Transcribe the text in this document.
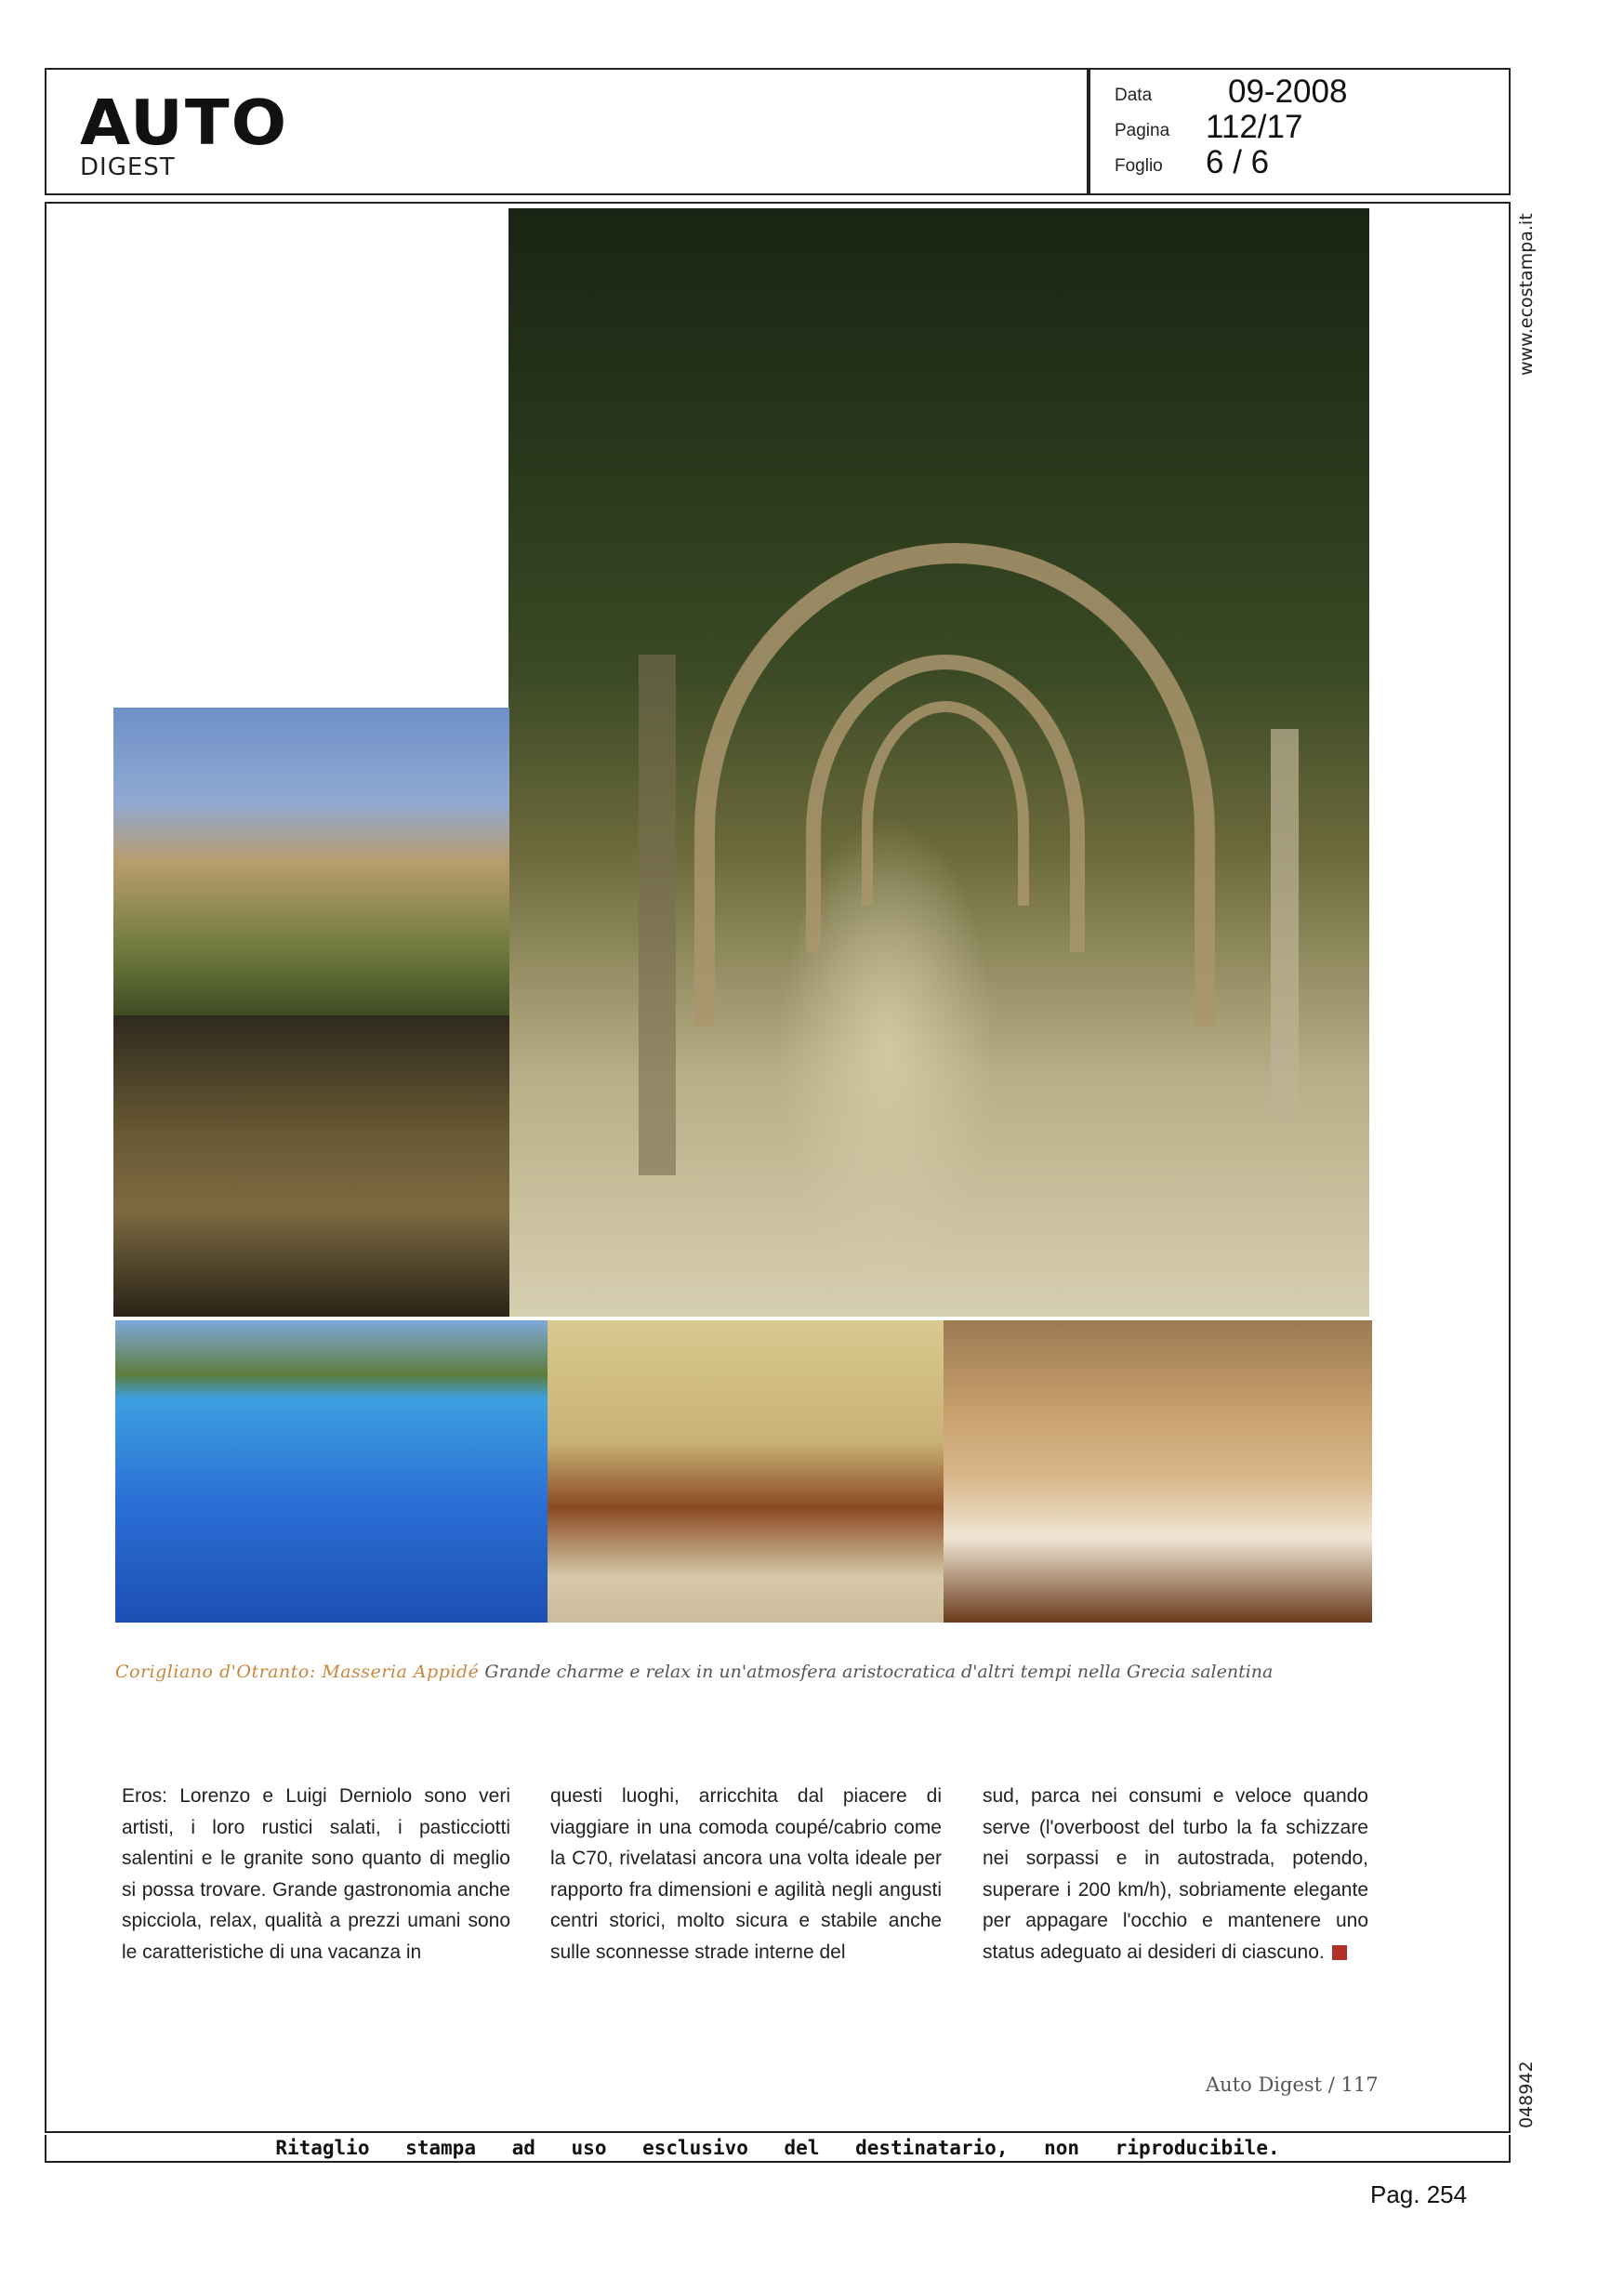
AUTO
DIGEST
Data 09-2008
Pagina 112/17
Foglio 6 / 6
www.ecostampa.it
048942
Corigliano d'Otranto: Masseria Appidé Grande charme e relax in un'atmosfera aristocratica d'altri tempi nella Grecia salentina
Eros: Lorenzo e Luigi Derniolo sono veri artisti, i loro rustici salati, i pasticciotti salentini e le granite sono quanto di meglio si possa trovare. Grande gastronomia anche spicciola, relax, qualità a prezzi umani sono le caratteristiche di una vacanza in
questi luoghi, arricchita dal piacere di viaggiare in una comoda coupé/cabrio come la C70, rivelatasi ancora una volta ideale per rapporto fra dimensioni e agilità negli angusti centri storici, molto sicura e stabile anche sulle sconnesse strade interne del
sud, parca nei consumi e veloce quando serve (l'overboost del turbo la fa schizzare nei sorpassi e in autostrada, potendo, superare i 200 km/h), sobriamente elegante per appagare l'occhio e mantenere uno status adeguato ai desideri di ciascuno.
Auto Digest / 117
Ritaglio stampa ad uso esclusivo del destinatario, non riproducibile.
Pag. 254
